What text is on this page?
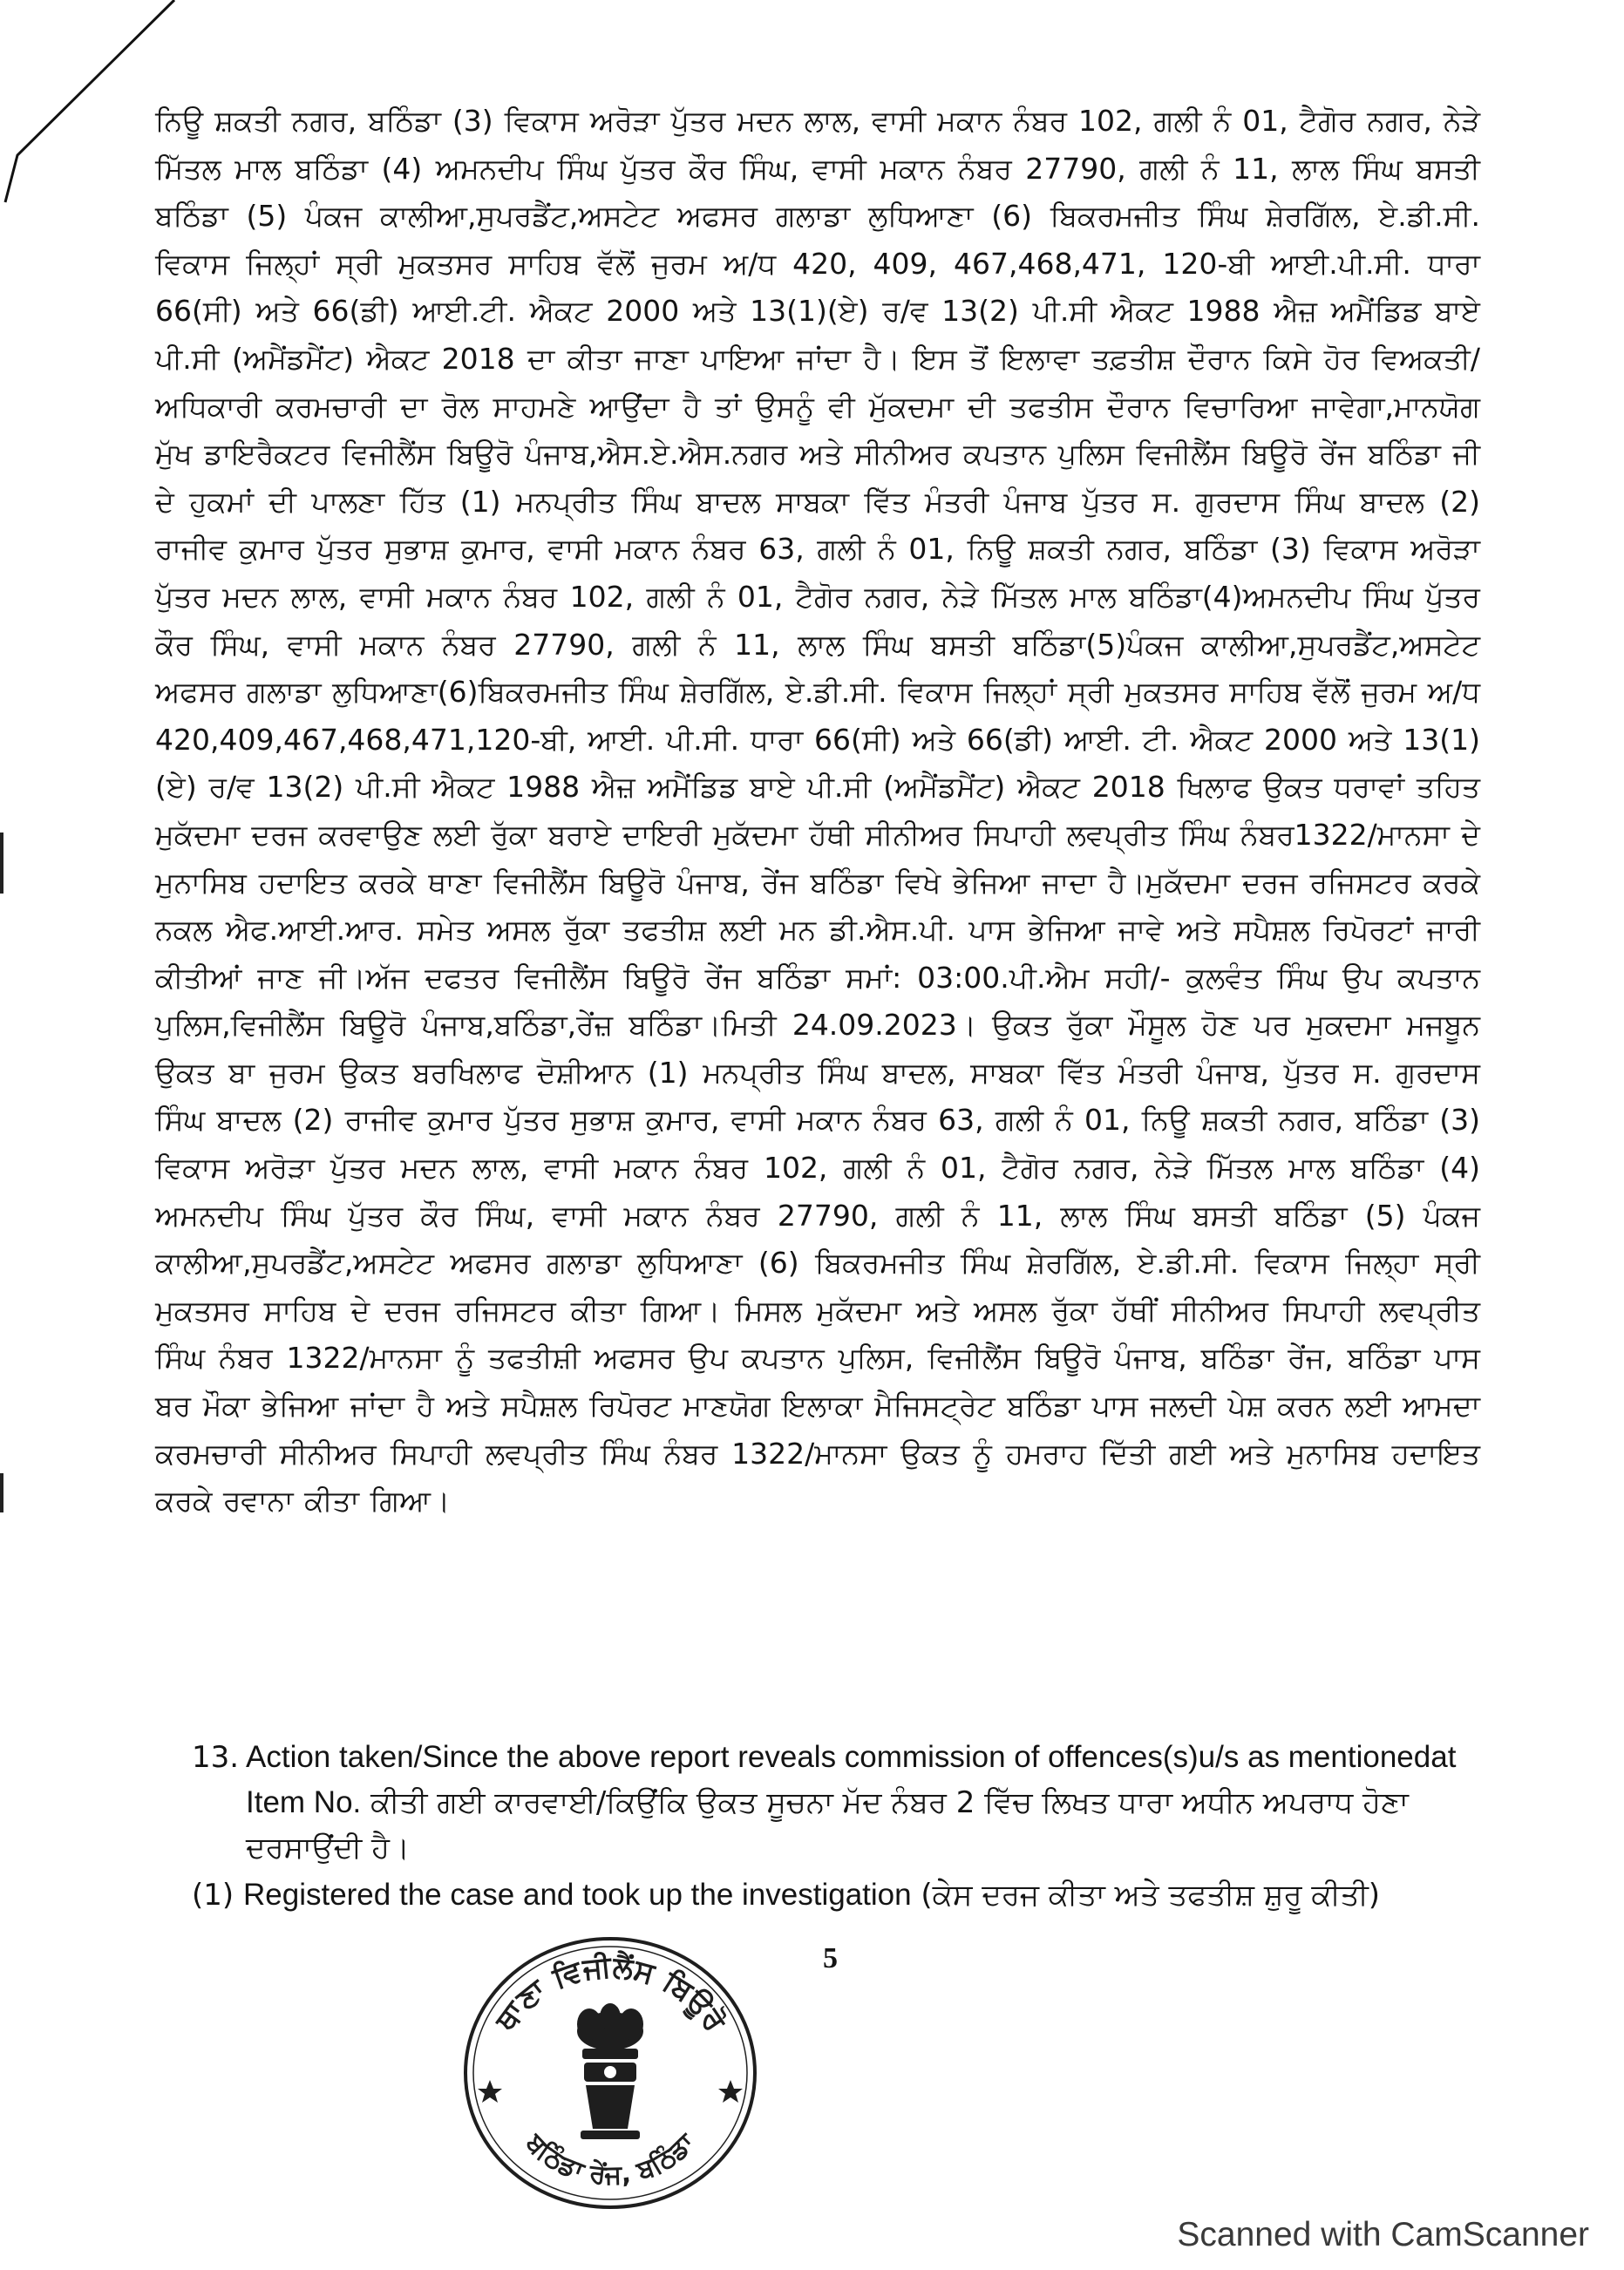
ਨਿਊ ਸ਼ਕਤੀ ਨਗਰ, ਬਠਿੰਡਾ (3) ਵਿਕਾਸ ਅਰੋੜਾ ਪੁੱਤਰ ਮਦਨ ਲਾਲ, ਵਾਸੀ ਮਕਾਨ ਨੰਬਰ 102, ਗਲੀ ਨੰ 01, ਟੈਗੋਰ ਨਗਰ, ਨੇੜੇ ਮਿੱਤਲ ਮਾਲ ਬਠਿੰਡਾ (4) ਅਮਨਦੀਪ ਸਿੰਘ ਪੁੱਤਰ ਕੌਰ ਸਿੰਘ, ਵਾਸੀ ਮਕਾਨ ਨੰਬਰ 27790, ਗਲੀ ਨੰ 11, ਲਾਲ ਸਿੰਘ ਬਸਤੀ ਬਠਿੰਡਾ (5) ਪੰਕਜ ਕਾਲੀਆ,ਸੁਪਰਡੈਂਟ,ਅਸਟੇਟ ਅਫਸਰ ਗਲਾਡਾ ਲੁਧਿਆਣਾ (6) ਬਿਕਰਮਜੀਤ ਸਿੰਘ ਸ਼ੇਰਗਿੱਲ, ਏ.ਡੀ.ਸੀ. ਵਿਕਾਸ ਜਿਲ੍ਹਾਂ ਸ੍ਰੀ ਮੁਕਤਸਰ ਸਾਹਿਬ ਵੱਲੋਂ ਜੁਰਮ ਅ/ਧ 420, 409, 467,468,471, 120-ਬੀ ਆਈ.ਪੀ.ਸੀ. ਧਾਰਾ 66(ਸੀ) ਅਤੇ 66(ਡੀ) ਆਈ.ਟੀ. ਐਕਟ 2000 ਅਤੇ 13(1)(ਏ) ਰ/ਵ 13(2) ਪੀ.ਸੀ ਐਕਟ 1988 ਐਜ਼ ਅਮੈਂਡਿਡ ਬਾਏ ਪੀ.ਸੀ (ਅਮੈਂਡਮੈਂਟ) ਐਕਟ 2018 ਦਾ ਕੀਤਾ ਜਾਣਾ ਪਾਇਆ ਜਾਂਦਾ ਹੈ। ਇਸ ਤੋਂ ਇਲਾਵਾ ਤਫ਼ਤੀਸ਼ ਦੌਰਾਨ ਕਿਸੇ ਹੋਰ ਵਿਅਕਤੀ/ਅਧਿਕਾਰੀ ਕਰਮਚਾਰੀ ਦਾ ਰੋਲ ਸਾਹਮਣੇ ਆਉਂਦਾ ਹੈ ਤਾਂ ਉਸਨੂੰ ਵੀ ਮੁੱਕਦਮਾ ਦੀ ਤਫਤੀਸ ਦੌਰਾਨ ਵਿਚਾਰਿਆ ਜਾਵੇਗਾ,ਮਾਨਯੋਗ ਮੁੱਖ ਡਾਇਰੈਕਟਰ ਵਿਜੀਲੈਂਸ ਬਿਊਰੋ ਪੰਜਾਬ,ਐਸ.ਏ.ਐਸ.ਨਗਰ ਅਤੇ ਸੀਨੀਅਰ ਕਪਤਾਨ ਪੁਲਿਸ ਵਿਜੀਲੈਂਸ ਬਿਊਰੋ ਰੇਂਜ ਬਠਿੰਡਾ ਜੀ ਦੇ ਹੁਕਮਾਂ ਦੀ ਪਾਲਣਾ ਹਿੱਤ (1) ਮਨਪ੍ਰੀਤ ਸਿੰਘ ਬਾਦਲ ਸਾਬਕਾ ਵਿੱਤ ਮੰਤਰੀ ਪੰਜਾਬ ਪੁੱਤਰ ਸ. ਗੁਰਦਾਸ ਸਿੰਘ ਬਾਦਲ (2) ਰਾਜੀਵ ਕੁਮਾਰ ਪੁੱਤਰ ਸੁਭਾਸ਼ ਕੁਮਾਰ, ਵਾਸੀ ਮਕਾਨ ਨੰਬਰ 63, ਗਲੀ ਨੰ 01, ਨਿਊ ਸ਼ਕਤੀ ਨਗਰ, ਬਠਿੰਡਾ (3) ਵਿਕਾਸ ਅਰੋੜਾ ਪੁੱਤਰ ਮਦਨ ਲਾਲ, ਵਾਸੀ ਮਕਾਨ ਨੰਬਰ 102, ਗਲੀ ਨੰ 01, ਟੈਗੋਰ ਨਗਰ, ਨੇੜੇ ਮਿੱਤਲ ਮਾਲ ਬਠਿੰਡਾ(4)ਅਮਨਦੀਪ ਸਿੰਘ ਪੁੱਤਰ ਕੌਰ ਸਿੰਘ, ਵਾਸੀ ਮਕਾਨ ਨੰਬਰ 27790, ਗਲੀ ਨੰ 11, ਲਾਲ ਸਿੰਘ ਬਸਤੀ ਬਠਿੰਡਾ(5)ਪੰਕਜ ਕਾਲੀਆ,ਸੁਪਰਡੈਂਟ,ਅਸਟੇਟ ਅਫਸਰ ਗਲਾਡਾ ਲੁਧਿਆਣਾ(6)ਬਿਕਰਮਜੀਤ ਸਿੰਘ ਸ਼ੇਰਗਿੱਲ, ਏ.ਡੀ.ਸੀ. ਵਿਕਾਸ ਜਿਲ੍ਹਾਂ ਸ੍ਰੀ ਮੁਕਤਸਰ ਸਾਹਿਬ ਵੱਲੋਂ ਜੁਰਮ ਅ/ਧ 420,409,467,468,471,120-ਬੀ, ਆਈ. ਪੀ.ਸੀ. ਧਾਰਾ 66(ਸੀ) ਅਤੇ 66(ਡੀ) ਆਈ. ਟੀ. ਐਕਟ 2000 ਅਤੇ 13(1)(ਏ) ਰ/ਵ 13(2) ਪੀ.ਸੀ ਐਕਟ 1988 ਐਜ਼ ਅਮੈਂਡਿਡ ਬਾਏ ਪੀ.ਸੀ (ਅਮੈਂਡਮੈਂਟ) ਐਕਟ 2018 ਖਿਲਾਫ ਉਕਤ ਧਰਾਵਾਂ ਤਹਿਤ ਮੁਕੱਦਮਾ ਦਰਜ ਕਰਵਾਉਣ ਲਈ ਰੁੱਕਾ ਬਰਾਏ ਦਾਇਰੀ ਮੁਕੱਦਮਾ ਹੱਥੀ ਸੀਨੀਅਰ ਸਿਪਾਹੀ ਲਵਪ੍ਰੀਤ ਸਿੰਘ ਨੰਬਰ1322/ਮਾਨਸਾ ਦੇ ਮੁਨਾਸਿਬ ਹਦਾਇਤ ਕਰਕੇ ਥਾਣਾ ਵਿਜੀਲੈਂਸ ਬਿਊਰੋ ਪੰਜਾਬ, ਰੇਂਜ ਬਠਿੰਡਾ ਵਿਖੇ ਭੇਜਿਆ ਜਾਦਾ ਹੈ।ਮੁਕੱਦਮਾ ਦਰਜ ਰਜਿਸਟਰ ਕਰਕੇ ਨਕਲ ਐਫ.ਆਈ.ਆਰ. ਸਮੇਤ ਅਸਲ ਰੁੱਕਾ ਤਫਤੀਸ਼ ਲਈ ਮਨ ਡੀ.ਐਸ.ਪੀ. ਪਾਸ ਭੇਜਿਆ ਜਾਵੇ ਅਤੇ ਸਪੈਸ਼ਲ ਰਿਪੋਰਟਾਂ ਜਾਰੀ ਕੀਤੀਆਂ ਜਾਣ ਜੀ।ਅੱਜ ਦਫਤਰ ਵਿਜੀਲੈਂਸ ਬਿਊਰੋ ਰੇਂਜ ਬਠਿੰਡਾ ਸਮਾਂ: 03:00.ਪੀ.ਐਮ ਸਹੀ/- ਕੁਲਵੰਤ ਸਿੰਘ ਉਪ ਕਪਤਾਨ ਪੁਲਿਸ,ਵਿਜੀਲੈਂਸ ਬਿਊਰੋ ਪੰਜਾਬ,ਬਠਿੰਡਾ,ਰੇਂਜ਼ ਬਠਿੰਡਾ।ਮਿਤੀ 24.09.2023। ਉਕਤ ਰੁੱਕਾ ਮੌਸੂਲ ਹੋਣ ਪਰ ਮੁਕਦਮਾ ਮਜਬੂਨ ਉਕਤ ਬਾ ਜੁਰਮ ਉਕਤ ਬਰਖਿਲਾਫ ਦੋਸ਼ੀਆਨ (1) ਮਨਪ੍ਰੀਤ ਸਿੰਘ ਬਾਦਲ, ਸਾਬਕਾ ਵਿੱਤ ਮੰਤਰੀ ਪੰਜਾਬ, ਪੁੱਤਰ ਸ. ਗੁਰਦਾਸ ਸਿੰਘ ਬਾਦਲ (2) ਰਾਜੀਵ ਕੁਮਾਰ ਪੁੱਤਰ ਸੁਭਾਸ਼ ਕੁਮਾਰ, ਵਾਸੀ ਮਕਾਨ ਨੰਬਰ 63, ਗਲੀ ਨੰ 01, ਨਿਊ ਸ਼ਕਤੀ ਨਗਰ, ਬਠਿੰਡਾ (3) ਵਿਕਾਸ ਅਰੋੜਾ ਪੁੱਤਰ ਮਦਨ ਲਾਲ, ਵਾਸੀ ਮਕਾਨ ਨੰਬਰ 102, ਗਲੀ ਨੰ 01, ਟੈਗੋਰ ਨਗਰ, ਨੇੜੇ ਮਿੱਤਲ ਮਾਲ ਬਠਿੰਡਾ (4) ਅਮਨਦੀਪ ਸਿੰਘ ਪੁੱਤਰ ਕੌਰ ਸਿੰਘ, ਵਾਸੀ ਮਕਾਨ ਨੰਬਰ 27790, ਗਲੀ ਨੰ 11, ਲਾਲ ਸਿੰਘ ਬਸਤੀ ਬਠਿੰਡਾ (5) ਪੰਕਜ ਕਾਲੀਆ,ਸੁਪਰਡੈਂਟ,ਅਸਟੇਟ ਅਫਸਰ ਗਲਾਡਾ ਲੁਧਿਆਣਾ (6) ਬਿਕਰਮਜੀਤ ਸਿੰਘ ਸ਼ੇਰਗਿੱਲ, ਏ.ਡੀ.ਸੀ. ਵਿਕਾਸ ਜਿਲ੍ਹਾ ਸ੍ਰੀ ਮੁਕਤਸਰ ਸਾਹਿਬ ਦੇ ਦਰਜ ਰਜਿਸਟਰ ਕੀਤਾ ਗਿਆ। ਮਿਸਲ ਮੁਕੱਦਮਾ ਅਤੇ ਅਸਲ ਰੁੱਕਾ ਹੱਥੀਂ ਸੀਨੀਅਰ ਸਿਪਾਹੀ ਲਵਪ੍ਰੀਤ ਸਿੰਘ ਨੰਬਰ 1322/ਮਾਨਸਾ ਨੂੰ ਤਫਤੀਸ਼ੀ ਅਫਸਰ ਉਪ ਕਪਤਾਨ ਪੁਲਿਸ, ਵਿਜੀਲੈਂਸ ਬਿਊਰੋ ਪੰਜਾਬ, ਬਠਿੰਡਾ ਰੇਂਜ, ਬਠਿੰਡਾ ਪਾਸ ਬਰ ਮੌਕਾ ਭੇਜਿਆ ਜਾਂਦਾ ਹੈ ਅਤੇ ਸਪੈਸ਼ਲ ਰਿਪੋਰਟ ਮਾਣਯੋਗ ਇਲਾਕਾ ਮੈਜਿਸਟ੍ਰੇਟ ਬਠਿੰਡਾ ਪਾਸ ਜਲਦੀ ਪੇਸ਼ ਕਰਨ ਲਈ ਆਮਦਾ ਕਰਮਚਾਰੀ ਸੀਨੀਅਰ ਸਿਪਾਹੀ ਲਵਪ੍ਰੀਤ ਸਿੰਘ ਨੰਬਰ 1322/ਮਾਨਸਾ ਉਕਤ ਨੂੰ ਹਮਰਾਹ ਦਿੱਤੀ ਗਈ ਅਤੇ ਮੁਨਾਸਿਬ ਹਦਾਇਤ ਕਰਕੇ ਰਵਾਨਾ ਕੀਤਾ ਗਿਆ।

13. Action taken/Since the above report reveals commission of offences(s)u/s as mentionedat Item No. ਕੀਤੀ ਗਈ ਕਾਰਵਾਈ/ਕਿਉਂਕਿ ਉਕਤ ਸੂਚਨਾ ਮੱਦ ਨੰਬਰ 2 ਵਿੱਚ ਲਿਖਤ ਧਾਰਾ ਅਧੀਨ ਅਪਰਾਧ ਹੋਣਾ ਦਰਸਾਉਂਦੀ ਹੈ।
(1) Registered the case and took up the investigation (ਕੇਸ ਦਰਜ ਕੀਤਾ ਅਤੇ ਤਫਤੀਸ਼ ਸ਼ੁਰੂ ਕੀਤੀ)
5
ਥਾਣਾ ਵਿਜੀਲੈਂਸ ਬਿਊਰੋ
ਬਠਿੰਡਾ ਰੇਂਜ, ਬਠਿੰਡਾ
Scanned with CamScanner
